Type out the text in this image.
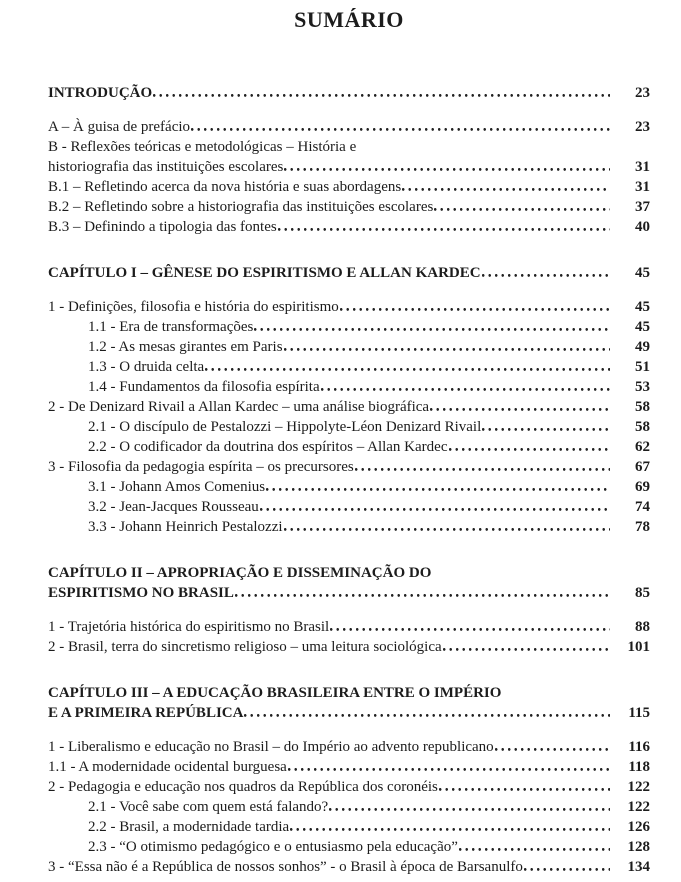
SUMÁRIO
INTRODUÇÃO	23
A – À guisa de prefácio	23
B - Reflexões teóricas e metodológicas – História e
historiografia das instituições escolares	31
B.1 – Refletindo acerca da nova história e suas abordagens	31
B.2 – Refletindo sobre a historiografia das instituições escolares	37
B.3 – Definindo a tipologia das fontes	40
CAPÍTULO I – GÊNESE DO ESPIRITISMO E ALLAN KARDEC	45
1 - Definições, filosofia e história do espiritismo	45
1.1 - Era de transformações	45
1.2 - As mesas girantes em Paris	49
1.3 - O druida celta	51
1.4 - Fundamentos da filosofia espírita	53
2 - De Denizard Rivail a Allan Kardec – uma análise biográfica	58
2.1 - O discípulo de Pestalozzi – Hippolyte-Léon Denizard Rivail	58
2.2 - O codificador da doutrina dos espíritos – Allan Kardec	62
3 - Filosofia da pedagogia espírita – os precursores	67
3.1 - Johann Amos Comenius	69
3.2 - Jean-Jacques Rousseau	74
3.3 - Johann Heinrich Pestalozzi	78
CAPÍTULO II – APROPRIAÇÃO E DISSEMINAÇÃO DO
ESPIRITISMO NO BRASIL	85
1 - Trajetória histórica do espiritismo no Brasil	88
2 - Brasil, terra do sincretismo religioso – uma leitura sociológica	101
CAPÍTULO III – A EDUCAÇÃO BRASILEIRA ENTRE O IMPÉRIO
E A PRIMEIRA REPÚBLICA	115
1 - Liberalismo e educação no Brasil – do Império ao advento republicano	116
1.1 - A modernidade ocidental burguesa	118
2 - Pedagogia e educação nos quadros da República dos coronéis	122
2.1 - Você sabe com quem está falando?	122
2.2 - Brasil, a modernidade tardia	126
2.3 - “O otimismo pedagógico e o entusiasmo pela educação”	128
3 - “Essa não é a República de nossos sonhos” - o Brasil à época de Barsanulfo	134
